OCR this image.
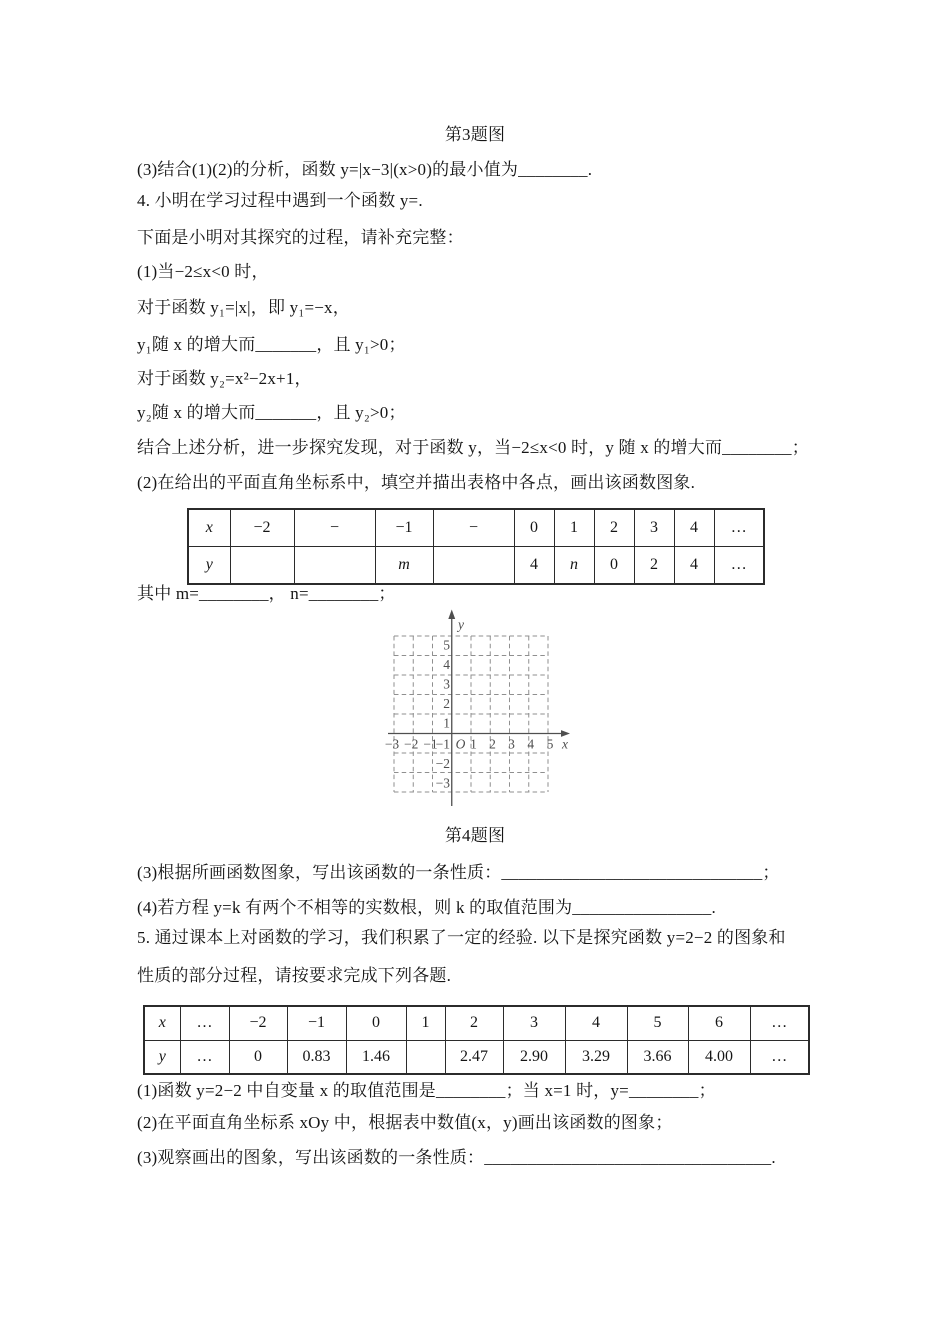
第3题图
(3)结合(1)(2)的分析，函数 y=|x−3|(x>0)的最小值为________.
4. 小明在学习过程中遇到一个函数 y=.
下面是小明对其探究的过程，请补充完整：
(1)当−2≤x<0 时，
对于函数 y₁=|x|，即 y₁=−x，
y₁随 x 的增大而_______，且 y₁>0；
对于函数 y₂=x²−2x+1，
y₂随 x 的增大而_______，且 y₂>0；
结合上述分析，进一步探究发现，对于函数 y，当−2≤x<0 时，y 随 x 的增大而________；
(2)在给出的平面直角坐标系中，填空并描出表格中各点，画出该函数图象.
x	−2	−	−1	−	0	1	2	3	4	…
y			m		4	n	0	2	4	…
其中 m=________， n=________；
5
4
3
2
1
−1
−2
−3
−3 −2 −1 1 2 3 4 5
O
y
x
第4题图
(3)根据所画函数图象，写出该函数的一条性质：______________________________；
(4)若方程 y=k 有两个不相等的实数根，则 k 的取值范围为________________.
5. 通过课本上对函数的学习，我们积累了一定的经验. 以下是探究函数 y=2−2 的图象和
性质的部分过程，请按要求完成下列各题.
x	…	−2	−1	0	1	2	3	4	5	6	…
y	…	0	0.83	1.46		2.47	2.90	3.29	3.66	4.00	…
(1)函数 y=2−2 中自变量 x 的取值范围是________；当 x=1 时，y=________；
(2)在平面直角坐标系 xOy 中，根据表中数值(x，y)画出该函数的图象；
(3)观察画出的图象，写出该函数的一条性质：_________________________________.
